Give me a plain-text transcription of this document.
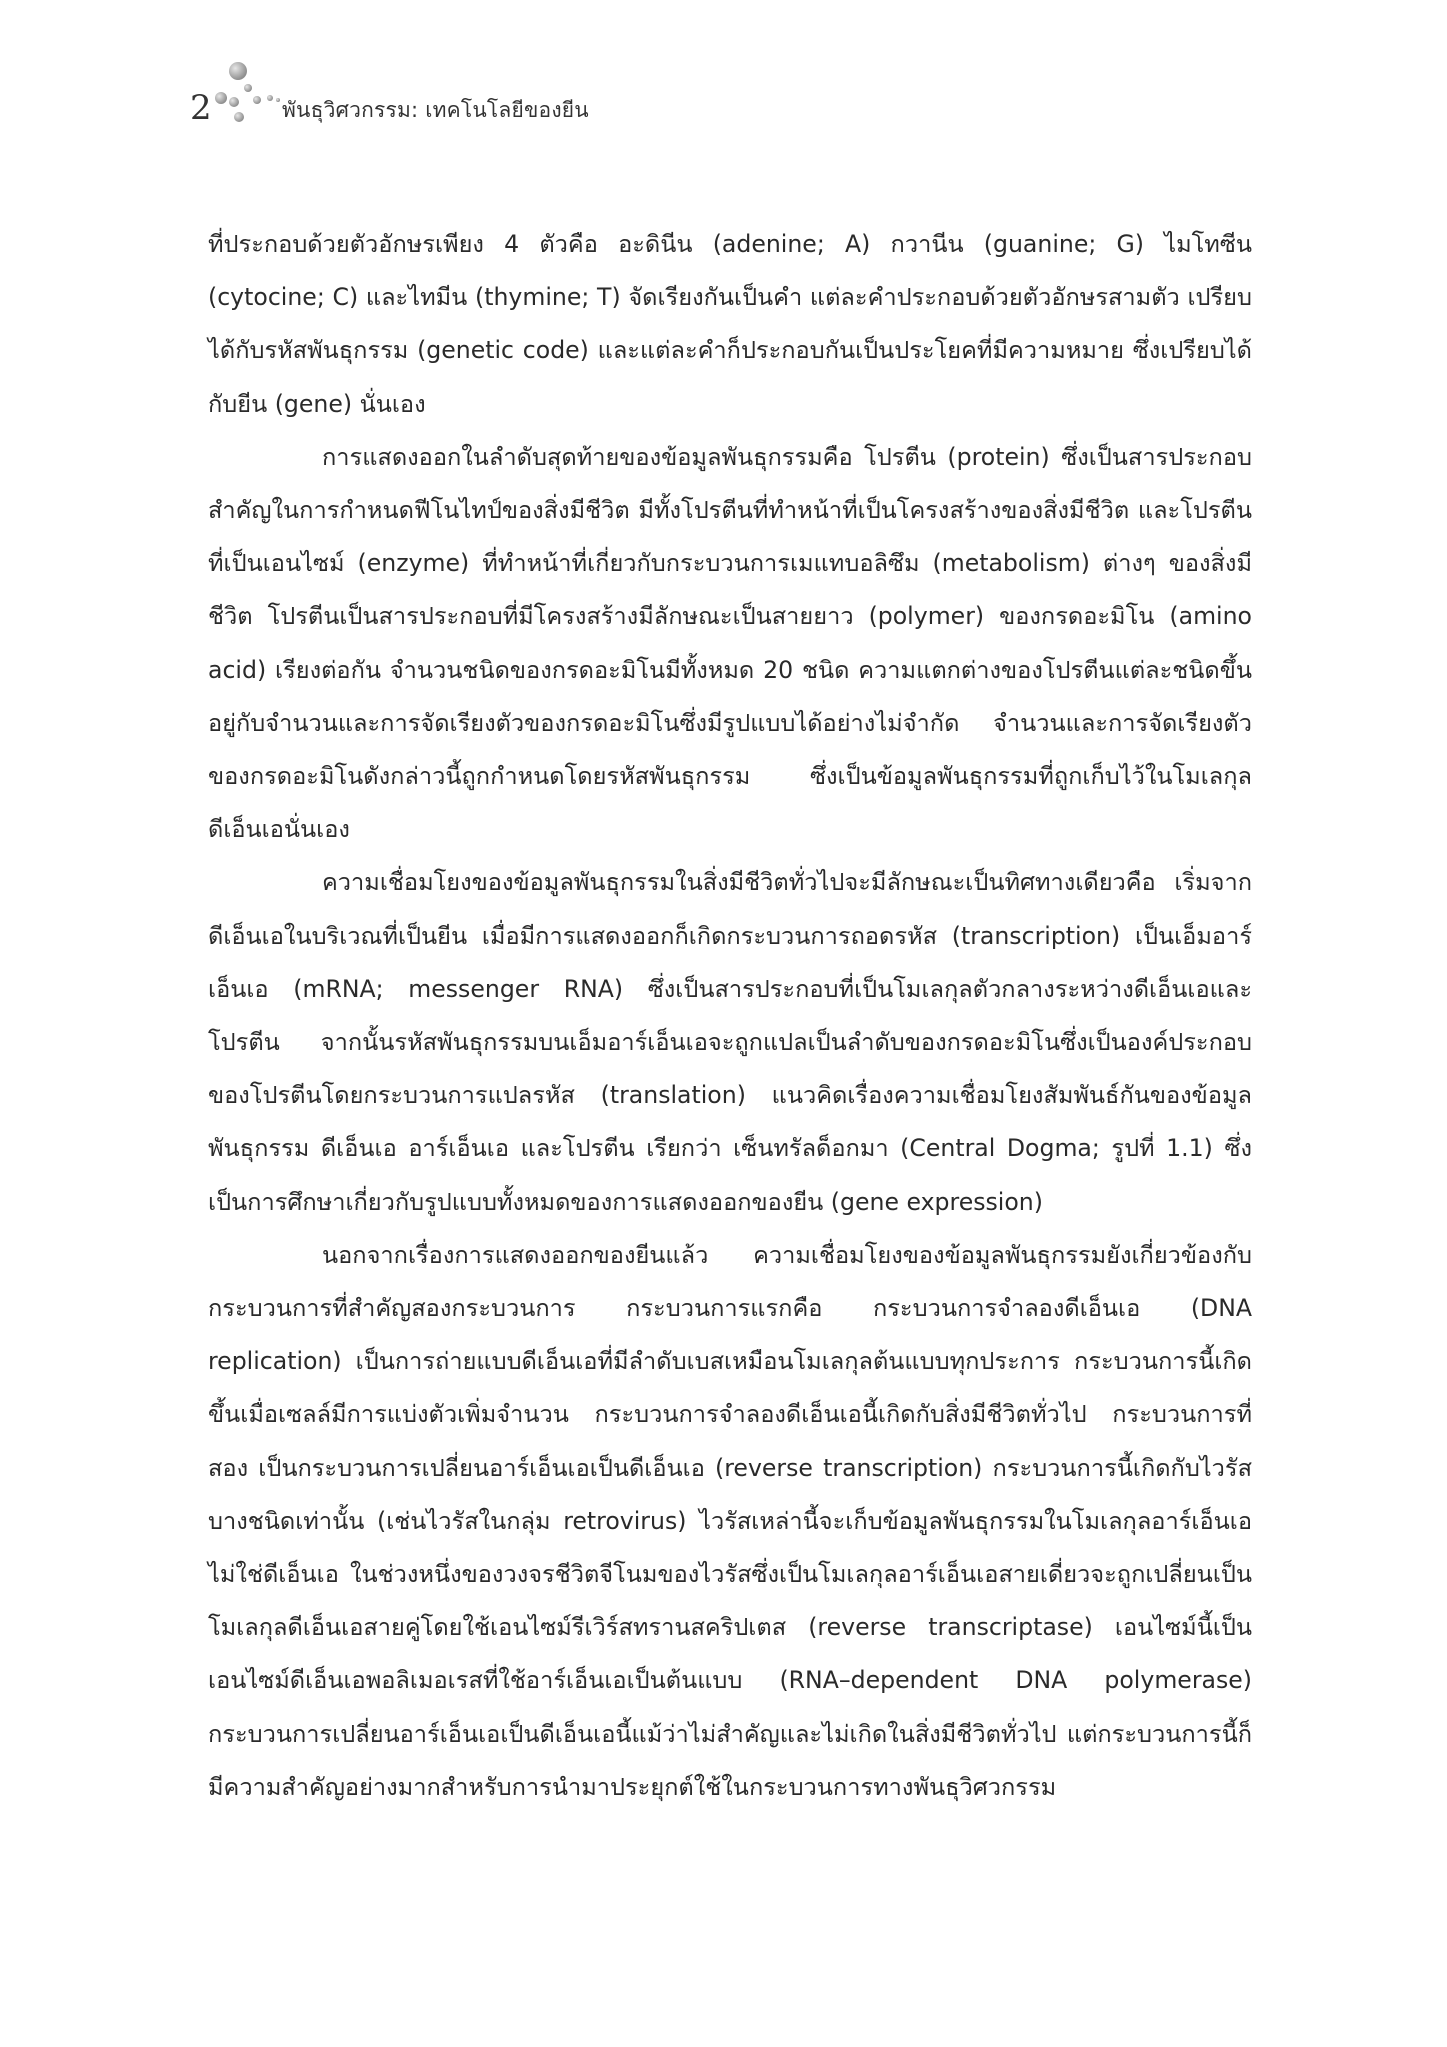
2	พันธุวิศวกรรม: เทคโนโลยีของยีน

ที่ประกอบด้วยตัวอักษรเพียง 4 ตัวคือ อะดินีน (adenine; A) กวานีน (guanine; G) ไมโทซีน (cytocine; C) และไทมีน (thymine; T) จัดเรียงกันเป็นคำ แต่ละคำประกอบด้วยตัวอักษรสามตัว เปรียบได้กับรหัสพันธุกรรม (genetic code) และแต่ละคำก็ประกอบกันเป็นประโยคที่มีความหมาย ซึ่งเปรียบได้กับยีน (gene) นั่นเอง

การแสดงออกในลำดับสุดท้ายของข้อมูลพันธุกรรมคือ โปรตีน (protein) ซึ่งเป็นสารประกอบสำคัญในการกำหนดฟีโนไทป์ของสิ่งมีชีวิต มีทั้งโปรตีนที่ทำหน้าที่เป็นโครงสร้างของสิ่งมีชีวิต และโปรตีนที่เป็นเอนไซม์ (enzyme) ที่ทำหน้าที่เกี่ยวกับกระบวนการเมแทบอลิซึม (metabolism) ต่างๆ ของสิ่งมีชีวิต โปรตีนเป็นสารประกอบที่มีโครงสร้างมีลักษณะเป็นสายยาว (polymer) ของกรดอะมิโน (amino acid) เรียงต่อกัน จำนวนชนิดของกรดอะมิโนมีทั้งหมด 20 ชนิด ความแตกต่างของโปรตีนแต่ละชนิดขึ้นอยู่กับจำนวนและการจัดเรียงตัวของกรดอะมิโนซึ่งมีรูปแบบได้อย่างไม่จำกัด จำนวนและการจัดเรียงตัวของกรดอะมิโนดังกล่าวนี้ถูกกำหนดโดยรหัสพันธุกรรม ซึ่งเป็นข้อมูลพันธุกรรมที่ถูกเก็บไว้ในโมเลกุลดีเอ็นเอนั่นเอง

ความเชื่อมโยงของข้อมูลพันธุกรรมในสิ่งมีชีวิตทั่วไปจะมีลักษณะเป็นทิศทางเดียวคือ เริ่มจากดีเอ็นเอในบริเวณที่เป็นยีน เมื่อมีการแสดงออกก็เกิดกระบวนการถอดรหัส (transcription) เป็นเอ็มอาร์เอ็นเอ (mRNA; messenger RNA) ซึ่งเป็นสารประกอบที่เป็นโมเลกุลตัวกลางระหว่างดีเอ็นเอและโปรตีน จากนั้นรหัสพันธุกรรมบนเอ็มอาร์เอ็นเอจะถูกแปลเป็นลำดับของกรดอะมิโนซึ่งเป็นองค์ประกอบของโปรตีนโดยกระบวนการแปลรหัส (translation) แนวคิดเรื่องความเชื่อมโยงสัมพันธ์กันของข้อมูลพันธุกรรม ดีเอ็นเอ อาร์เอ็นเอ และโปรตีน เรียกว่า เซ็นทรัลด็อกมา (Central Dogma; รูปที่ 1.1) ซึ่งเป็นการศึกษาเกี่ยวกับรูปแบบทั้งหมดของการแสดงออกของยีน (gene expression)

นอกจากเรื่องการแสดงออกของยีนแล้ว ความเชื่อมโยงของข้อมูลพันธุกรรมยังเกี่ยวข้องกับกระบวนการที่สำคัญสองกระบวนการ กระบวนการแรกคือ กระบวนการจำลองดีเอ็นเอ (DNA replication) เป็นการถ่ายแบบดีเอ็นเอที่มีลำดับเบสเหมือนโมเลกุลต้นแบบทุกประการ กระบวนการนี้เกิดขึ้นเมื่อเซลล์มีการแบ่งตัวเพิ่มจำนวน กระบวนการจำลองดีเอ็นเอนี้เกิดกับสิ่งมีชีวิตทั่วไป กระบวนการที่สอง เป็นกระบวนการเปลี่ยนอาร์เอ็นเอเป็นดีเอ็นเอ (reverse transcription) กระบวนการนี้เกิดกับไวรัสบางชนิดเท่านั้น (เช่นไวรัสในกลุ่ม retrovirus) ไวรัสเหล่านี้จะเก็บข้อมูลพันธุกรรมในโมเลกุลอาร์เอ็นเอไม่ใช่ดีเอ็นเอ ในช่วงหนึ่งของวงจรชีวิตจีโนมของไวรัสซึ่งเป็นโมเลกุลอาร์เอ็นเอสายเดี่ยวจะถูกเปลี่ยนเป็นโมเลกุลดีเอ็นเอสายคู่โดยใช้เอนไซม์รีเวิร์สทรานสคริปเตส (reverse transcriptase) เอนไซม์นี้เป็นเอนไซม์ดีเอ็นเอพอลิเมอเรสที่ใช้อาร์เอ็นเอเป็นต้นแบบ (RNA–dependent DNA polymerase) กระบวนการเปลี่ยนอาร์เอ็นเอเป็นดีเอ็นเอนี้แม้ว่าไม่สำคัญและไม่เกิดในสิ่งมีชีวิตทั่วไป แต่กระบวนการนี้ก็มีความสำคัญอย่างมากสำหรับการนำมาประยุกต์ใช้ในกระบวนการทางพันธุวิศวกรรม
